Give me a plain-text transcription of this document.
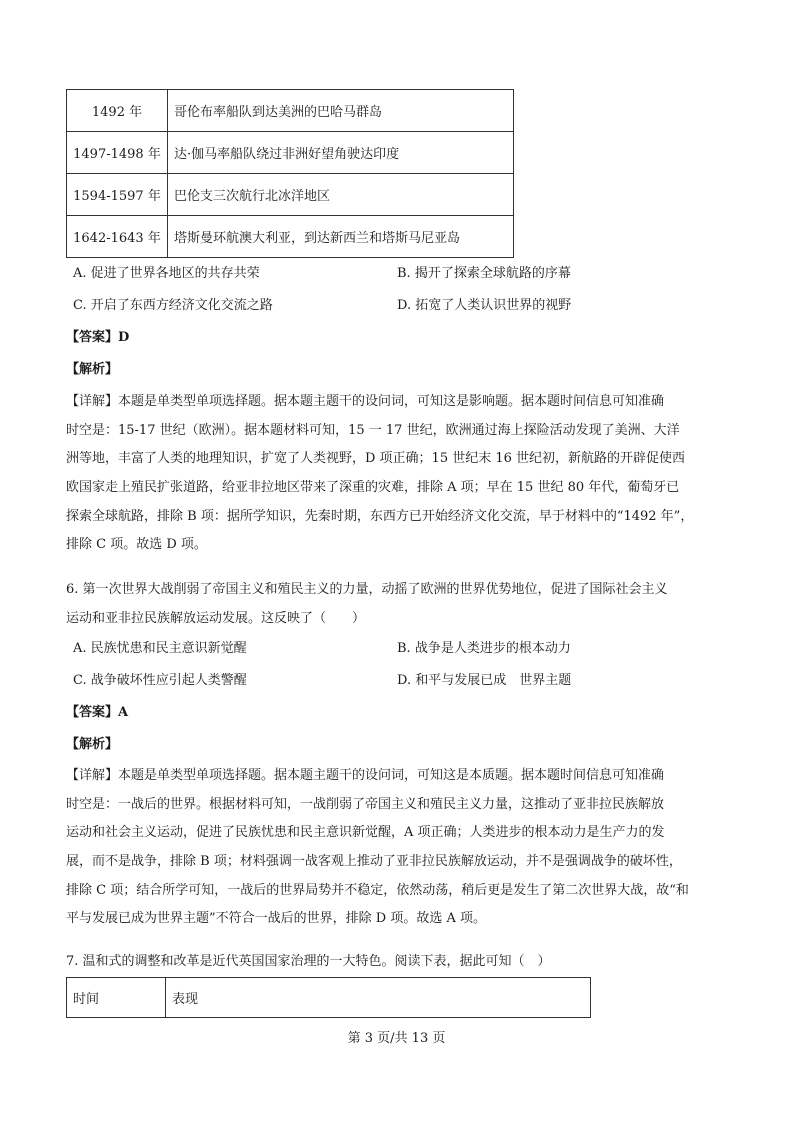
1492 年	哥伦布率船队到达美洲的巴哈马群岛
1497-1498 年	达·伽马率船队绕过非洲好望角驶达印度
1594-1597 年	巴伦支三次航行北冰洋地区
1642-1643 年	塔斯曼环航澳大利亚，到达新西兰和塔斯马尼亚岛
A. 促进了世界各地区的共存共荣	B. 揭开了探索全球航路的序幕
C. 开启了东西方经济文化交流之路	D. 拓宽了人类认识世界的视野
【答案】D
【解析】
【详解】本题是单类型单项选择题。据本题主题干的设问词，可知这是影响题。据本题时间信息可知准确
时空是：15-17 世纪（欧洲）。据本题材料可知，15 一 17 世纪，欧洲通过海上探险活动发现了美洲、大洋
洲等地，丰富了人类的地理知识，扩宽了人类视野，D 项正确；15 世纪末 16 世纪初，新航路的开辟促使西
欧国家走上殖民扩张道路，给亚非拉地区带来了深重的灾难，排除 A 项；早在 15 世纪 80 年代，葡萄牙已
探索全球航路，排除 B 项：据所学知识，先秦时期，东西方已开始经济文化交流，早于材料中的“1492 年”，
排除 C 项。故选 D 项。
6. 第一次世界大战削弱了帝国主义和殖民主义的力量，动摇了欧洲的世界优势地位，促进了国际社会主义
运动和亚非拉民族解放运动发展。这反映了（　　）
A. 民族忧患和民主意识新觉醒	B. 战争是人类进步的根本动力
C. 战争破坏性应引起人类警醒	D. 和平与发展已成　世界主题
【答案】A
【解析】
【详解】本题是单类型单项选择题。据本题主题干的设问词，可知这是本质题。据本题时间信息可知准确
时空是：一战后的世界。根据材料可知，一战削弱了帝国主义和殖民主义力量，这推动了亚非拉民族解放
运动和社会主义运动，促进了民族忧患和民主意识新觉醒，A 项正确；人类进步的根本动力是生产力的发
展，而不是战争，排除 B 项；材料强调一战客观上推动了亚非拉民族解放运动，并不是强调战争的破坏性，
排除 C 项；结合所学可知，一战后的世界局势并不稳定，依然动荡，稍后更是发生了第二次世界大战，故“和
平与发展已成为世界主题”不符合一战后的世界，排除 D 项。故选 A 项。
7. 温和式的调整和改革是近代英国国家治理的一大特色。阅读下表，据此可知（　）
时间	表现
第 3 页/共 13 页
